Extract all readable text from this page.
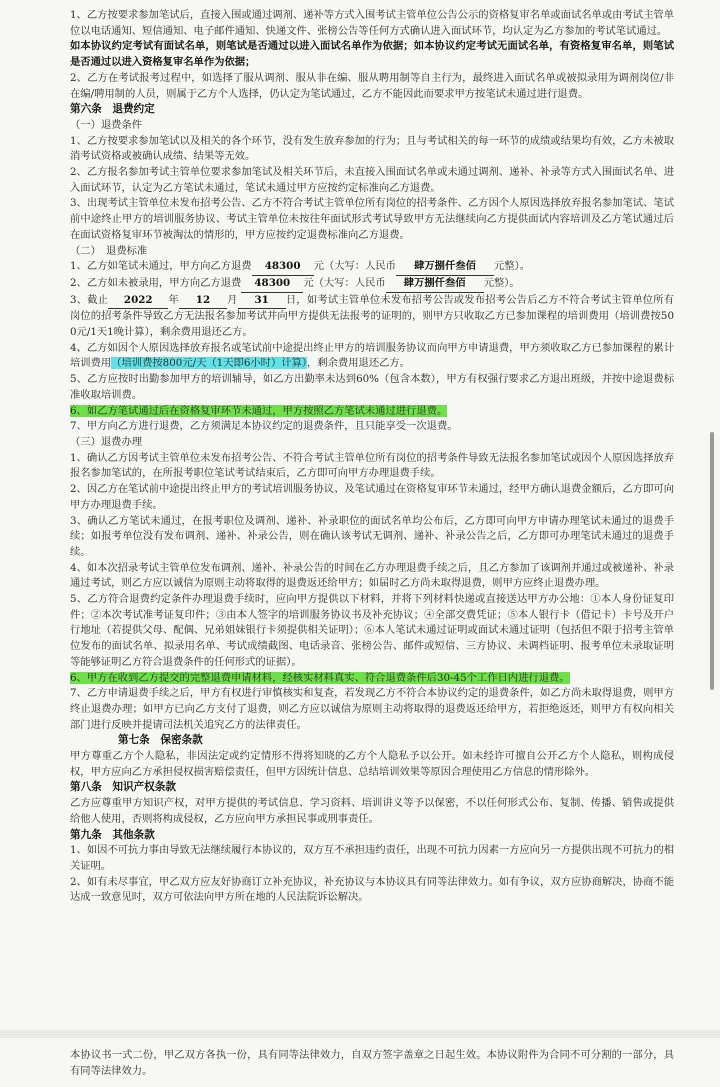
1、乙方按要求参加笔试后，直接入围或通过调剂、递补等方式入围考试主管单位公告公示的资格复审名单或面试名单或由考试主管单位以电话通知、短信通知、电子邮件通知、快递文件、张榜公告等任何方式确认进入面试环节，均认定为乙方参加的考试笔试通过。

如本协议约定考试有面试名单，则笔试是否通过以进入面试名单作为依据；如本协议约定考试无面试名单，有资格复审名单，则笔试是否通过以进入资格复审名单作为依据；

2、乙方在考试报考过程中，如选择了服从调剂、服从非在编、服从聘用制等自主行为，最终进入面试名单或被拟录用为调剂岗位/非在编/聘用制的人员，则属于乙方个人选择，仍认定为笔试通过，乙方不能因此而要求甲方按笔试未通过进行退费。

第六条　退费约定

（一）退费条件

1、乙方按要求参加笔试以及相关的各个环节，没有发生放弃参加的行为；且与考试相关的每一环节的成绩或结果均有效，乙方未被取消考试资格或被确认成绩、结果等无效。

2、乙方报名参加考试主管单位要求参加笔试及相关环节后，未直接入围面试名单或未通过调剂、递补、补录等方式入围面试名单、进入面试环节，认定为乙方笔试未通过，笔试未通过甲方应按约定标准向乙方退费。

3、出现考试主管单位未发布招考公告、乙方不符合考试主管单位所有岗位的招考条件、乙方因个人原因选择放弃报名参加笔试、笔试前中途终止甲方的培训服务协议、考试主管单位未按往年面试形式考试导致甲方无法继续向乙方提供面试内容培训及乙方笔试通过后在面试资格复审环节被淘汰的情形的，甲方应按约定退费标准向乙方退费。

（二）　退费标准

1、乙方如笔试未通过，甲方向乙方退费 48300 元（大写：人民币 肆万捌仟叁佰 元整）。

2、乙方如未被录用，甲方向乙方退费 48300 元（大写：人民币 肆万捌仟叁佰 元整）。

3、截止 2022 年 12 月 31 日，如考试主管单位未发布招考公告或发布招考公告后乙方不符合考试主管单位所有岗位的招考条件导致乙方无法报名参加考试并向甲方提供无法报考的证明的，则甲方只收取乙方已参加课程的培训费用（培训费按500元/1天1晚计算），剩余费用退还乙方。

4、乙方如因个人原因选择放弃报名或笔试前中途提出终止甲方的培训服务协议而向甲方申请退费，甲方须收取乙方已参加课程的累计培训费用（培训费按800元/天（1天即6小时）计算），剩余费用退还乙方。

5、乙方应按时出勤参加甲方的培训辅导，如乙方出勤率未达到60%（包含本数），甲方有权强行要求乙方退出班级，并按中途退费标准收取培训费。

6、如乙方笔试通过后在资格复审环节未通过，甲方按照乙方笔试未通过进行退费。

7、甲方向乙方进行退费，乙方须满足本协议约定的退费条件，且只能享受一次退费。

（三）退费办理

1、确认乙方因考试主管单位未发布招考公告、不符合考试主管单位所有岗位的招考条件导致无法报名参加笔试或因个人原因选择放弃报名参加笔试的，在所报考职位笔试考试结束后，乙方即可向甲方办理退费手续。

2、因乙方在笔试前中途提出终止甲方的考试培训服务协议、及笔试通过在资格复审环节未通过，经甲方确认退费金额后，乙方即可向甲方办理退费手续。

3、确认乙方笔试未通过，在报考职位及调剂、递补、补录职位的面试名单均公布后，乙方即可向甲方申请办理笔试未通过的退费手续；如报考单位没有发布调剂、递补、补录公告，则在确认该考试无调剂、递补、补录公告之后，乙方即可办理笔试未通过的退费手续。

4、如本次招录考试主管单位发布调剂、递补、补录公告的时间在乙方办理退费手续之后，且乙方参加了该调剂并通过或被递补、补录通过考试，则乙方应以诚信为原则主动将取得的退费返还给甲方；如届时乙方尚未取得退费，则甲方应终止退费办理。

5、乙方符合退费约定条件办理退费手续时，应向甲方提供以下材料，并将下列材料快递或直接送达甲方办公地：①本人身份证复印件；②本次考试准考证复印件；③由本人签字的培训服务协议书及补充协议；④全部交费凭证；⑤本人银行卡（借记卡）卡号及开户行地址（若提供父母、配偶、兄弟姐妹银行卡须提供相关证明）；⑥本人笔试未通过证明或面试未通过证明（包括但不限于招考主管单位发布的面试名单、拟录用名单、考试成绩截图、电话录音、张榜公告、邮件或短信、三方协议、未调档证明、报考单位未录取证明等能够证明乙方符合退费条件的任何形式的证据）。

6、甲方在收到乙方提交的完整退费申请材料，经核实材料真实、符合退费条件后30-45个工作日内进行退费。

7、乙方申请退费手续之后，甲方有权进行审慎核实和复查，若发现乙方不符合本协议约定的退费条件，如乙方尚未取得退费，则甲方终止退费办理；如甲方已向乙方支付了退费，则乙方应以诚信为原则主动将取得的退费返还给甲方，若拒绝返还，则甲方有权向相关部门进行反映并提请司法机关追究乙方的法律责任。

第七条　保密条款

甲方尊重乙方个人隐私，非因法定或约定情形不得将知晓的乙方个人隐私予以公开。如未经许可擅自公开乙方个人隐私，则构成侵权，甲方应向乙方承担侵权损害赔偿责任，但甲方因统计信息、总结培训效果等原因合理使用乙方信息的情形除外。

第八条　知识产权条款

乙方应尊重甲方知识产权，对甲方提供的考试信息、学习资料、培训讲义等予以保密，不以任何形式公布、复制、传播、销售或提供给他人使用，否则将构成侵权，乙方应向甲方承担民事或刑事责任。

第九条　其他条款

1、如因不可抗力事由导致无法继续履行本协议的，双方互不承担违约责任，出现不可抗力因素一方应向另一方提供出现不可抗力的相关证明。

2、如有未尽事宜，甲乙双方应友好协商订立补充协议，补充协议与本协议具有同等法律效力。如有争议，双方应协商解决，协商不能达成一致意见时，双方可依法向甲方所在地的人民法院诉讼解决。

本协议书一式二份，甲乙双方各执一份，具有同等法律效力，自双方签字盖章之日起生效。本协议附件为合同不可分割的一部分，具有同等法律效力。
